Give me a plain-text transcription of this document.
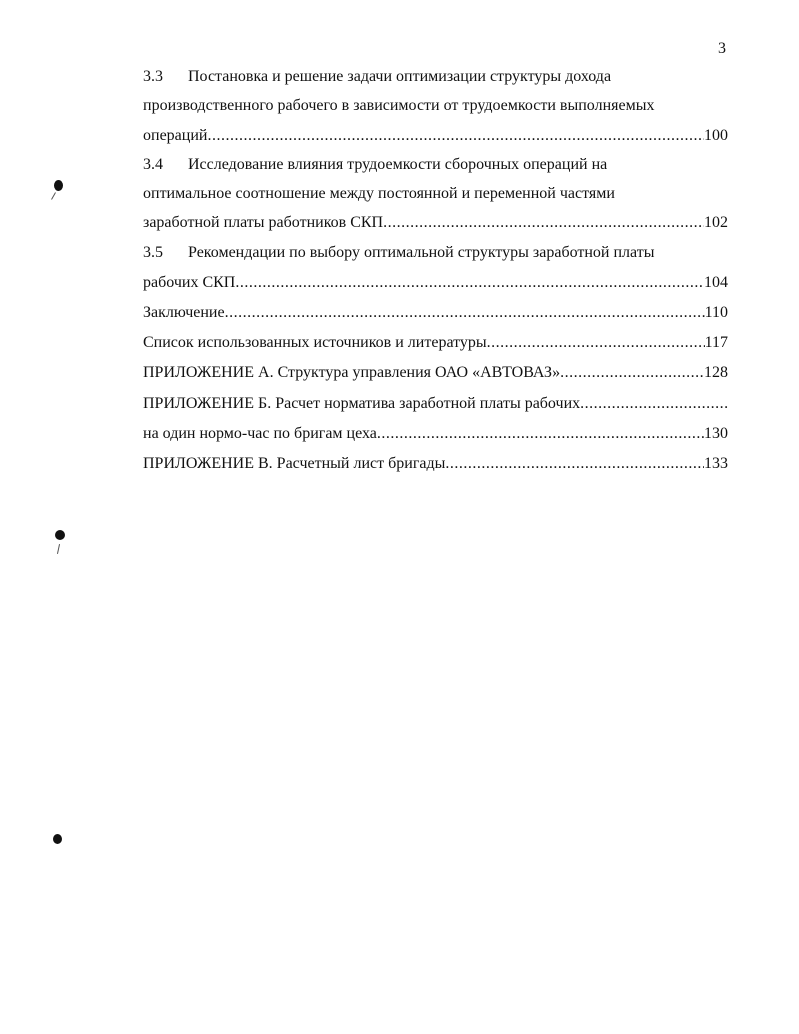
3
3.3 Постановка и решение задачи оптимизации структуры дохода
производственного рабочего в зависимости от трудоемкости выполняемых
операций .....	100
3.4 Исследование влияния трудоемкости сборочных операций на
оптимальное соотношение между постоянной и переменной частями
заработной платы работников СКП .....	102
3.5 Рекомендации по выбору оптимальной структуры заработной платы
рабочих СКП .....	104
Заключение .....	110
Список использованных источников и литературы .....	117
ПРИЛОЖЕНИЕ А. Структура управления ОАО «АВТОВАЗ» .....	128
ПРИЛОЖЕНИЕ Б. Расчет норматива заработной платы рабочих
.....
на один нормо-час по бригам цеха .....	130
ПРИЛОЖЕНИЕ В. Расчетный лист бригады .....	133
